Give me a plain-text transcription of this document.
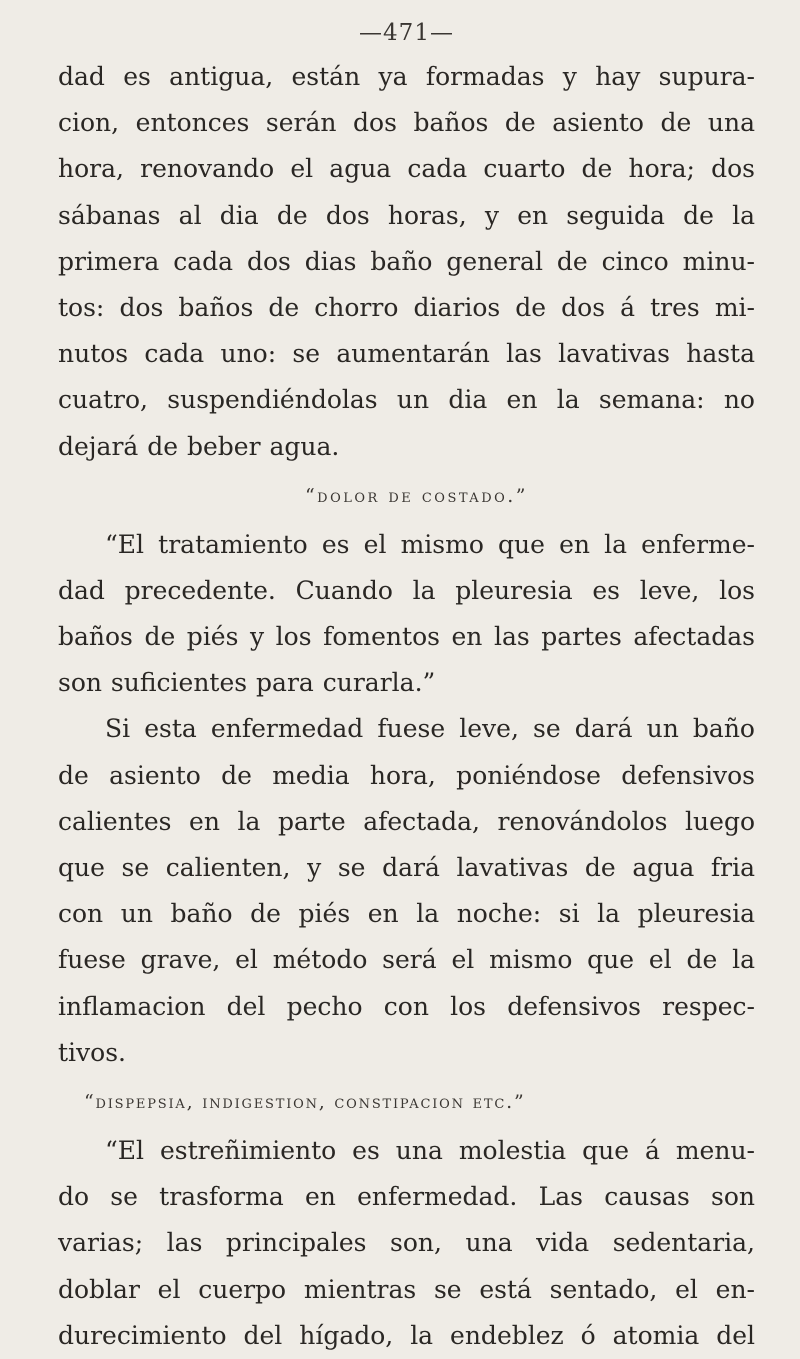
—471—
dad es antigua, están ya formadas y hay supura-
cion, entonces serán dos baños de asiento de una
hora, renovando el agua cada cuarto de hora; dos
sábanas al dia de dos horas, y en seguida de la
primera cada dos dias baño general de cinco minu-
tos: dos baños de chorro diarios de dos á tres mi-
nutos cada uno: se aumentarán las lavativas hasta
cuatro, suspendiéndolas un dia en la semana: no
dejará de beber agua.
“dolor de costado.”
“El tratamiento es el mismo que en la enferme-
dad precedente. Cuando la pleuresia es leve, los
baños de piés y los fomentos en las partes afectadas
son suficientes para curarla.”
Si esta enfermedad fuese leve, se dará un baño
de asiento de media hora, poniéndose defensivos
calientes en la parte afectada, renovándolos luego
que se calienten, y se dará lavativas de agua fria
con un baño de piés en la noche: si la pleuresia
fuese grave, el método será el mismo que el de la
inflamacion del pecho con los defensivos respec-
tivos.
“dispepsia, indigestion, constipacion etc.”
“El estreñimiento es una molestia que á menu-
do se trasforma en enfermedad. Las causas son
varias; las principales son, una vida sedentaria,
doblar el cuerpo mientras se está sentado, el en-
durecimiento del hígado, la endeblez ó atomia del
